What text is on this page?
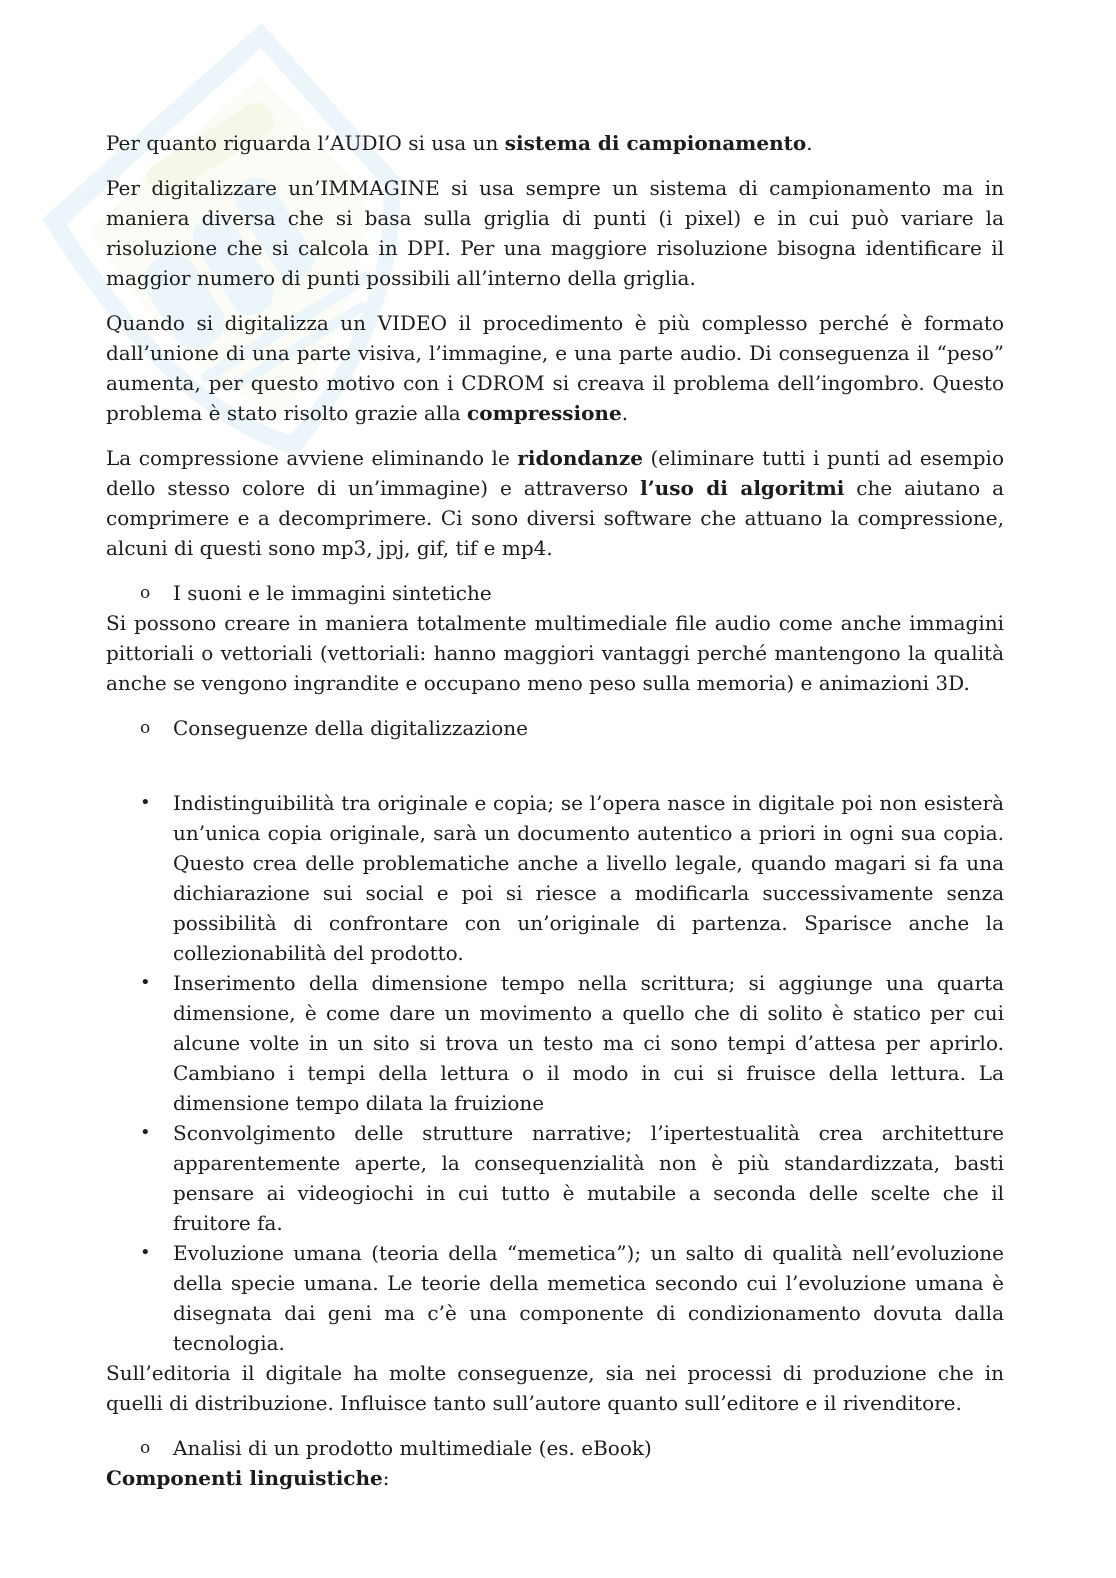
Per quanto riguarda l’AUDIO si usa un sistema di campionamento.

Per digitalizzare un’IMMAGINE si usa sempre un sistema di campionamento ma in maniera diversa che si basa sulla griglia di punti (i pixel) e in cui può variare la risoluzione che si calcola in DPI. Per una maggiore risoluzione bisogna identificare il maggior numero di punti possibili all’interno della griglia.

Quando si digitalizza un VIDEO il procedimento è più complesso perché è formato dall’unione di una parte visiva, l’immagine, e una parte audio. Di conseguenza il “peso” aumenta, per questo motivo con i CDROM si creava il problema dell’ingombro. Questo problema è stato risolto grazie alla compressione.

La compressione avviene eliminando le ridondanze (eliminare tutti i punti ad esempio dello stesso colore di un’immagine) e attraverso l’uso di algoritmi che aiutano a comprimere e a decomprimere. Ci sono diversi software che attuano la compressione, alcuni di questi sono mp3, jpj, gif, tif e mp4.

o	I suoni e le immagini sintetiche

Si possono creare in maniera totalmente multimediale file audio come anche immagini pittoriali o vettoriali (vettoriali: hanno maggiori vantaggi perché mantengono la qualità anche se vengono ingrandite e occupano meno peso sulla memoria) e animazioni 3D.

o	Conseguenze della digitalizzazione
•	Indistinguibilità tra originale e copia; se l’opera nasce in digitale poi non esisterà un’unica copia originale, sarà un documento autentico a priori in ogni sua copia. Questo crea delle problematiche anche a livello legale, quando magari si fa una dichiarazione sui social e poi si riesce a modificarla successivamente senza possibilità di confrontare con un’originale di partenza. Sparisce anche la collezionabilità del prodotto.
•	Inserimento della dimensione tempo nella scrittura; si aggiunge una quarta dimensione, è come dare un movimento a quello che di solito è statico per cui alcune volte in un sito si trova un testo ma ci sono tempi d’attesa per aprirlo. Cambiano i tempi della lettura o il modo in cui si fruisce della lettura. La dimensione tempo dilata la fruizione
•	Sconvolgimento delle strutture narrative; l’ipertestualità crea architetture apparentemente aperte, la consequenzialità non è più standardizzata, basti pensare ai videogiochi in cui tutto è mutabile a seconda delle scelte che il fruitore fa.
•	Evoluzione umana (teoria della “memetica”); un salto di qualità nell’evoluzione della specie umana. Le teorie della memetica secondo cui l’evoluzione umana è disegnata dai geni ma c’è una componente di condizionamento dovuta dalla tecnologia.

Sull’editoria il digitale ha molte conseguenze, sia nei processi di produzione che in quelli di distribuzione. Influisce tanto sull’autore quanto sull’editore e il rivenditore.

o	Analisi di un prodotto multimediale (es. eBook)

Componenti linguistiche:
